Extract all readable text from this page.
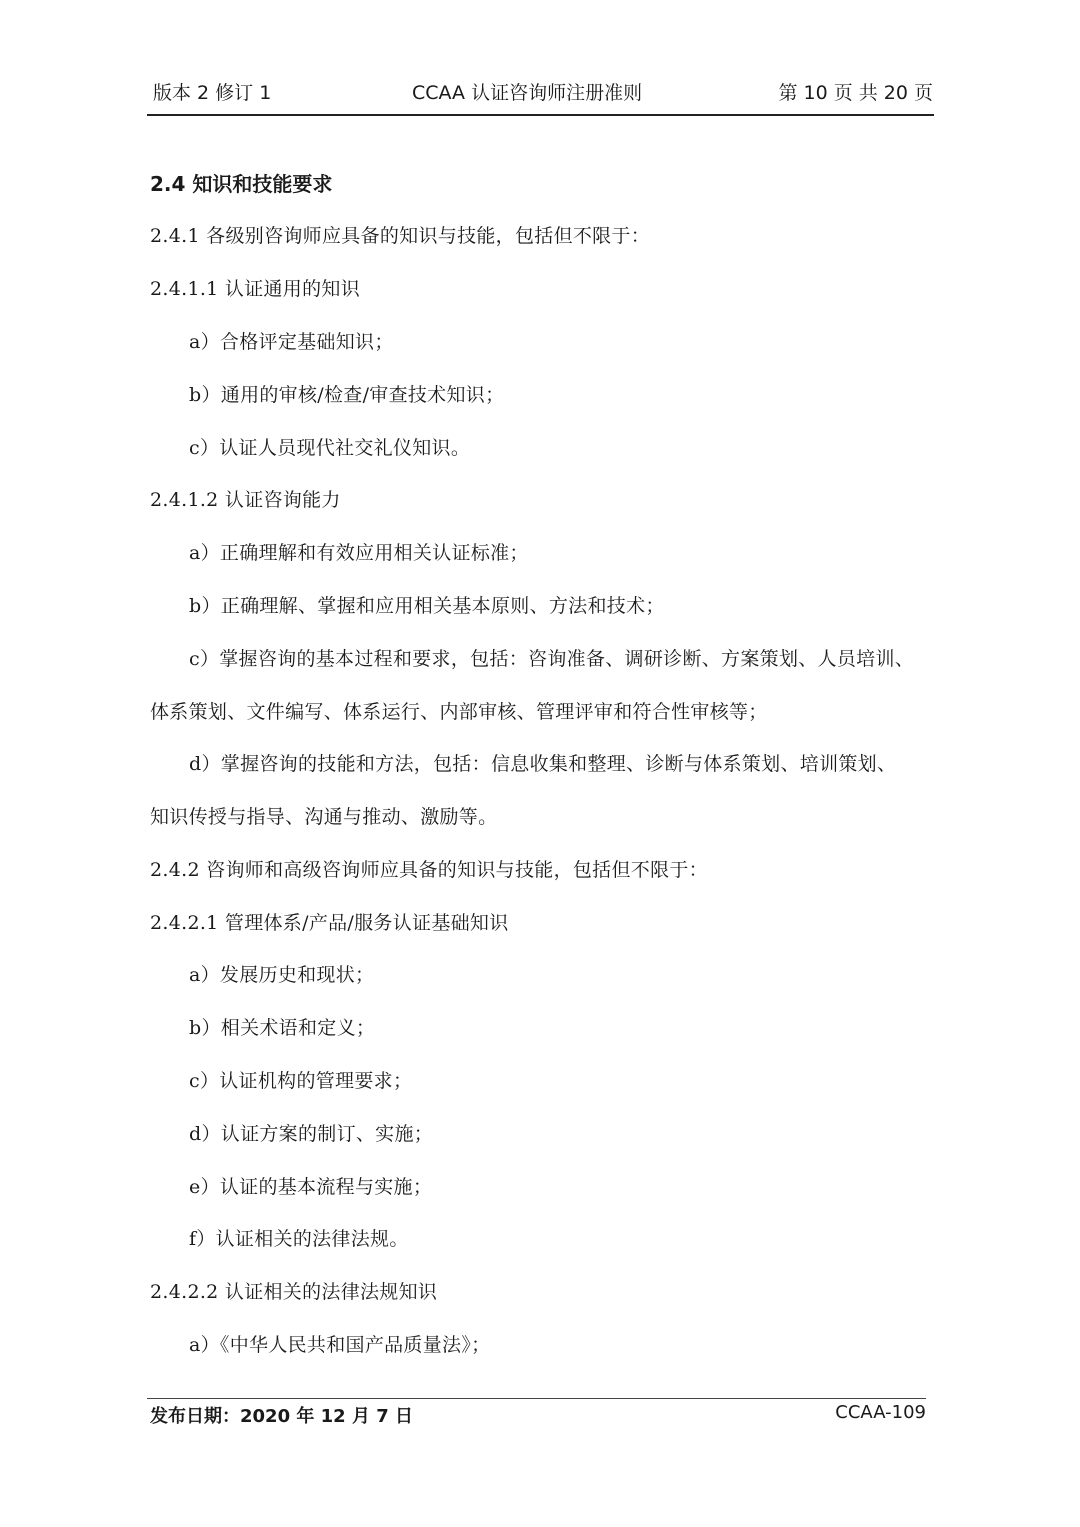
版本 2 修订 1	CCAA 认证咨询师注册准则	第 10 页 共 20 页
2.4 知识和技能要求
2.4.1 各级别咨询师应具备的知识与技能，包括但不限于：
2.4.1.1 认证通用的知识
a）合格评定基础知识；
b）通用的审核/检查/审查技术知识；
c）认证人员现代社交礼仪知识。
2.4.1.2 认证咨询能力
a）正确理解和有效应用相关认证标准；
b）正确理解、掌握和应用相关基本原则、方法和技术；
c）掌握咨询的基本过程和要求，包括：咨询准备、调研诊断、方案策划、人员培训、
体系策划、文件编写、体系运行、内部审核、管理评审和符合性审核等；
d）掌握咨询的技能和方法，包括：信息收集和整理、诊断与体系策划、培训策划、
知识传授与指导、沟通与推动、激励等。
2.4.2 咨询师和高级咨询师应具备的知识与技能，包括但不限于：
2.4.2.1 管理体系/产品/服务认证基础知识
a）发展历史和现状；
b）相关术语和定义；
c）认证机构的管理要求；
d）认证方案的制订、实施；
e）认证的基本流程与实施；
f）认证相关的法律法规。
2.4.2.2 认证相关的法律法规知识
a）《中华人民共和国产品质量法》；
发布日期：2020 年 12 月 7 日	CCAA-109
